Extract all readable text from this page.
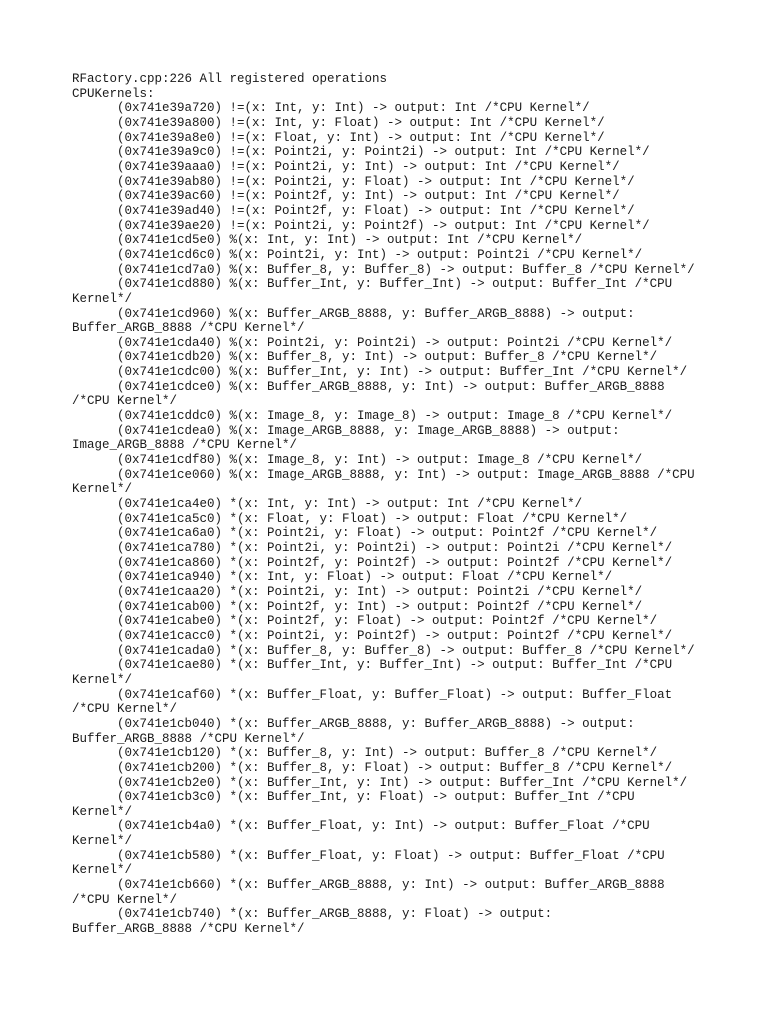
RFactory.cpp:226 All registered operations
CPUKernels:
(0x741e39a720) !=(x: Int, y: Int) -> output: Int /*CPU Kernel*/
(0x741e39a800) !=(x: Int, y: Float) -> output: Int /*CPU Kernel*/
(0x741e39a8e0) !=(x: Float, y: Int) -> output: Int /*CPU Kernel*/
(0x741e39a9c0) !=(x: Point2i, y: Point2i) -> output: Int /*CPU Kernel*/
(0x741e39aaa0) !=(x: Point2i, y: Int) -> output: Int /*CPU Kernel*/
(0x741e39ab80) !=(x: Point2i, y: Float) -> output: Int /*CPU Kernel*/
(0x741e39ac60) !=(x: Point2f, y: Int) -> output: Int /*CPU Kernel*/
(0x741e39ad40) !=(x: Point2f, y: Float) -> output: Int /*CPU Kernel*/
(0x741e39ae20) !=(x: Point2i, y: Point2f) -> output: Int /*CPU Kernel*/
(0x741e1cd5e0) %(x: Int, y: Int) -> output: Int /*CPU Kernel*/
(0x741e1cd6c0) %(x: Point2i, y: Int) -> output: Point2i /*CPU Kernel*/
(0x741e1cd7a0) %(x: Buffer_8, y: Buffer_8) -> output: Buffer_8 /*CPU Kernel*/
(0x741e1cd880) %(x: Buffer_Int, y: Buffer_Int) -> output: Buffer_Int /*CPU
Kernel*/
(0x741e1cd960) %(x: Buffer_ARGB_8888, y: Buffer_ARGB_8888) -> output:
Buffer_ARGB_8888 /*CPU Kernel*/
(0x741e1cda40) %(x: Point2i, y: Point2i) -> output: Point2i /*CPU Kernel*/
(0x741e1cdb20) %(x: Buffer_8, y: Int) -> output: Buffer_8 /*CPU Kernel*/
(0x741e1cdc00) %(x: Buffer_Int, y: Int) -> output: Buffer_Int /*CPU Kernel*/
(0x741e1cdce0) %(x: Buffer_ARGB_8888, y: Int) -> output: Buffer_ARGB_8888
/*CPU Kernel*/
(0x741e1cddc0) %(x: Image_8, y: Image_8) -> output: Image_8 /*CPU Kernel*/
(0x741e1cdea0) %(x: Image_ARGB_8888, y: Image_ARGB_8888) -> output:
Image_ARGB_8888 /*CPU Kernel*/
(0x741e1cdf80) %(x: Image_8, y: Int) -> output: Image_8 /*CPU Kernel*/
(0x741e1ce060) %(x: Image_ARGB_8888, y: Int) -> output: Image_ARGB_8888 /*CPU
Kernel*/
(0x741e1ca4e0) *(x: Int, y: Int) -> output: Int /*CPU Kernel*/
(0x741e1ca5c0) *(x: Float, y: Float) -> output: Float /*CPU Kernel*/
(0x741e1ca6a0) *(x: Point2i, y: Float) -> output: Point2f /*CPU Kernel*/
(0x741e1ca780) *(x: Point2i, y: Point2i) -> output: Point2i /*CPU Kernel*/
(0x741e1ca860) *(x: Point2f, y: Point2f) -> output: Point2f /*CPU Kernel*/
(0x741e1ca940) *(x: Int, y: Float) -> output: Float /*CPU Kernel*/
(0x741e1caa20) *(x: Point2i, y: Int) -> output: Point2i /*CPU Kernel*/
(0x741e1cab00) *(x: Point2f, y: Int) -> output: Point2f /*CPU Kernel*/
(0x741e1cabe0) *(x: Point2f, y: Float) -> output: Point2f /*CPU Kernel*/
(0x741e1cacc0) *(x: Point2i, y: Point2f) -> output: Point2f /*CPU Kernel*/
(0x741e1cada0) *(x: Buffer_8, y: Buffer_8) -> output: Buffer_8 /*CPU Kernel*/
(0x741e1cae80) *(x: Buffer_Int, y: Buffer_Int) -> output: Buffer_Int /*CPU
Kernel*/
(0x741e1caf60) *(x: Buffer_Float, y: Buffer_Float) -> output: Buffer_Float
/*CPU Kernel*/
(0x741e1cb040) *(x: Buffer_ARGB_8888, y: Buffer_ARGB_8888) -> output:
Buffer_ARGB_8888 /*CPU Kernel*/
(0x741e1cb120) *(x: Buffer_8, y: Int) -> output: Buffer_8 /*CPU Kernel*/
(0x741e1cb200) *(x: Buffer_8, y: Float) -> output: Buffer_8 /*CPU Kernel*/
(0x741e1cb2e0) *(x: Buffer_Int, y: Int) -> output: Buffer_Int /*CPU Kernel*/
(0x741e1cb3c0) *(x: Buffer_Int, y: Float) -> output: Buffer_Int /*CPU
Kernel*/
(0x741e1cb4a0) *(x: Buffer_Float, y: Int) -> output: Buffer_Float /*CPU
Kernel*/
(0x741e1cb580) *(x: Buffer_Float, y: Float) -> output: Buffer_Float /*CPU
Kernel*/
(0x741e1cb660) *(x: Buffer_ARGB_8888, y: Int) -> output: Buffer_ARGB_8888
/*CPU Kernel*/
(0x741e1cb740) *(x: Buffer_ARGB_8888, y: Float) -> output:
Buffer_ARGB_8888 /*CPU Kernel*/
